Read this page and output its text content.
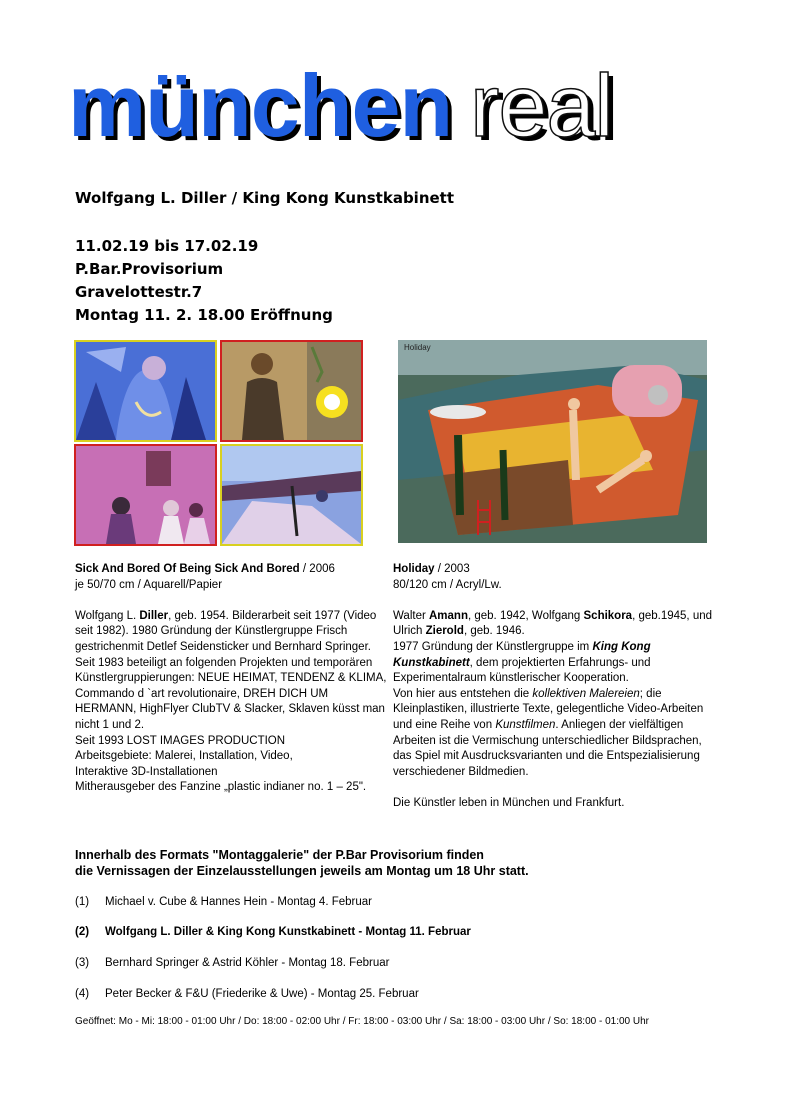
münchen real
Wolfgang L. Diller / King Kong Kunstkabinett
11.02.19 bis 17.02.19
P.Bar.Provisorium
Gravelottestr.7
Montag 11. 2. 18.00 Eröffnung
Holiday
Sick And Bored Of Being Sick And Bored / 2006
je 50/70 cm / Aquarell/Papier
Wolfgang L. Diller, geb. 1954. Bilderarbeit seit 1977 (Video seit 1982). 1980 Gründung der Künstlergruppe Frisch gestrichenmit Detlef Seidensticker und Bernhard Springer.
Seit 1983 beteiligt an folgenden Projekten und temporären Künstlergruppierungen: NEUE HEIMAT, TENDENZ & KLIMA, Commando d `art revolutionaire, DREH DICH UM HERMANN, HighFlyer ClubTV & Slacker, Sklaven küsst man nicht 1 und 2.
Seit 1993 LOST IMAGES PRODUCTION
Arbeitsgebiete: Malerei, Installation, Video,
Interaktive 3D-Installationen
Mitherausgeber des Fanzine „plastic indianer no. 1 – 25".
Holiday / 2003
80/120 cm / Acryl/Lw.
Walter Amann, geb. 1942, Wolfgang Schikora, geb.1945, und Ulrich Zierold, geb. 1946.
1977 Gründung der Künstlergruppe im King Kong Kunstkabinett, dem projektierten Erfahrungs- und Experimentalraum künstlerischer Kooperation.
Von hier aus entstehen die kollektiven Malereien; die Kleinplastiken, illustrierte Texte, gelegentliche Video-Arbeiten und eine Reihe von Kunstfilmen. Anliegen der vielfältigen Arbeiten ist die Vermischung unterschiedlicher Bildsprachen, das Spiel mit Ausdrucksvarianten und die Entspezialisierung verschiedener Bildmedien.
Die Künstler leben in München und Frankfurt.
Innerhalb des Formats "Montaggalerie" der P.Bar Provisorium finden
die Vernissagen der Einzelausstellungen jeweils am Montag um 18 Uhr statt.
(1) Michael v. Cube & Hannes Hein - Montag 4. Februar
(2) Wolfgang L. Diller & King Kong Kunstkabinett - Montag 11. Februar
(3) Bernhard Springer & Astrid Köhler - Montag 18. Februar
(4) Peter Becker & F&U (Friederike & Uwe) - Montag 25. Februar
Geöffnet: Mo - Mi: 18:00 - 01:00 Uhr / Do: 18:00 - 02:00 Uhr / Fr: 18:00 - 03:00 Uhr / Sa: 18:00 - 03:00 Uhr / So: 18:00 - 01:00 Uhr
